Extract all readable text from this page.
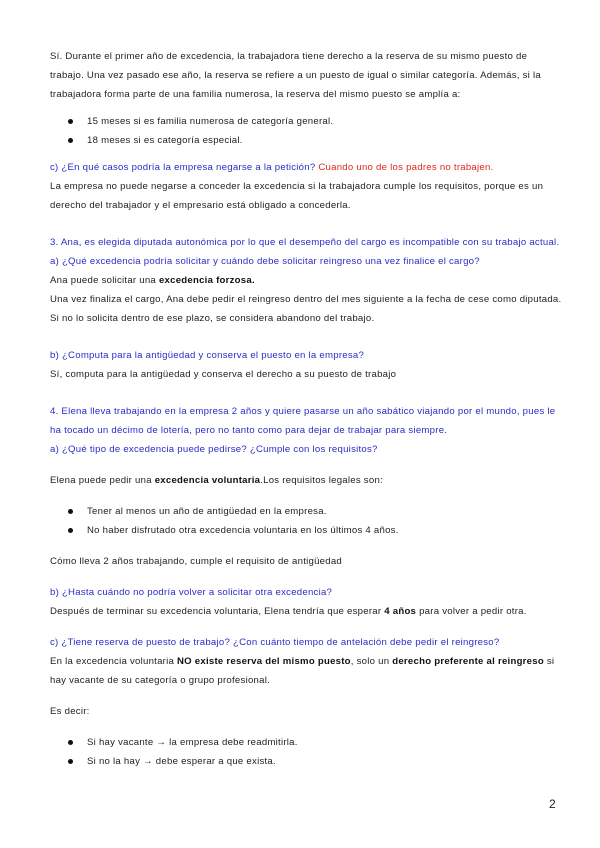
Sí. Durante el primer año de excedencia, la trabajadora tiene derecho a la reserva de su mismo puesto de trabajo. Una vez pasado ese año, la reserva se refiere a un puesto de igual o similar categoría. Además, si la trabajadora forma parte de una familia numerosa, la reserva del mismo puesto se amplía a:

15 meses si es familia numerosa de categoría general.
18 meses si es categoría especial.

c) ¿En qué casos podría la empresa negarse a la petición? Cuando uno de los padres no trabajen.

La empresa no puede negarse a conceder la excedencia si la trabajadora cumple los requisitos, porque es un derecho del trabajador y el empresario está obligado a concederla.

3. Ana, es elegida diputada autonómica por lo que el desempeño del cargo es incompatible con su trabajo actual.

a) ¿Qué excedencia podría solicitar y cuándo debe solicitar reingreso una vez finalice el cargo?

Ana puede solicitar una excedencia forzosa.

Una vez finaliza el cargo, Ana debe pedir el reingreso dentro del mes siguiente a la fecha de cese como diputada. Si no lo solicita dentro de ese plazo, se considera abandono del trabajo.

b) ¿Computa para la antigüedad y conserva el puesto en la empresa?

Sí, computa para la antigüedad y conserva el derecho a su puesto de trabajo

4. Elena lleva trabajando en la empresa 2 años y quiere pasarse un año sabático viajando por el mundo, pues le ha tocado un décimo de lotería, pero no tanto como para dejar de trabajar para siempre.

a) ¿Qué tipo de excedencia puede pedirse? ¿Cumple con los requisitos?

Elena puede pedir una excedencia voluntaria.Los requisitos legales son:

Tener al menos un año de antigüedad en la empresa.
No haber disfrutado otra excedencia voluntaria en los últimos 4 años.

Cómo lleva 2 años trabajando, cumple el requisito de antigüedad

b) ¿Hasta cuándo no podría volver a solicitar otra excedencia?

Después de terminar su excedencia voluntaria, Elena tendría que esperar 4 años para volver a pedir otra.

c) ¿Tiene reserva de puesto de trabajo? ¿Con cuánto tiempo de antelación debe pedir el reingreso?

En la excedencia voluntaria NO existe reserva del mismo puesto, solo un derecho preferente al reingreso si hay vacante de su categoría o grupo profesional.

Es decir:

Si hay vacante → la empresa debe readmitirla.
Si no la hay → debe esperar a que exista.
2
